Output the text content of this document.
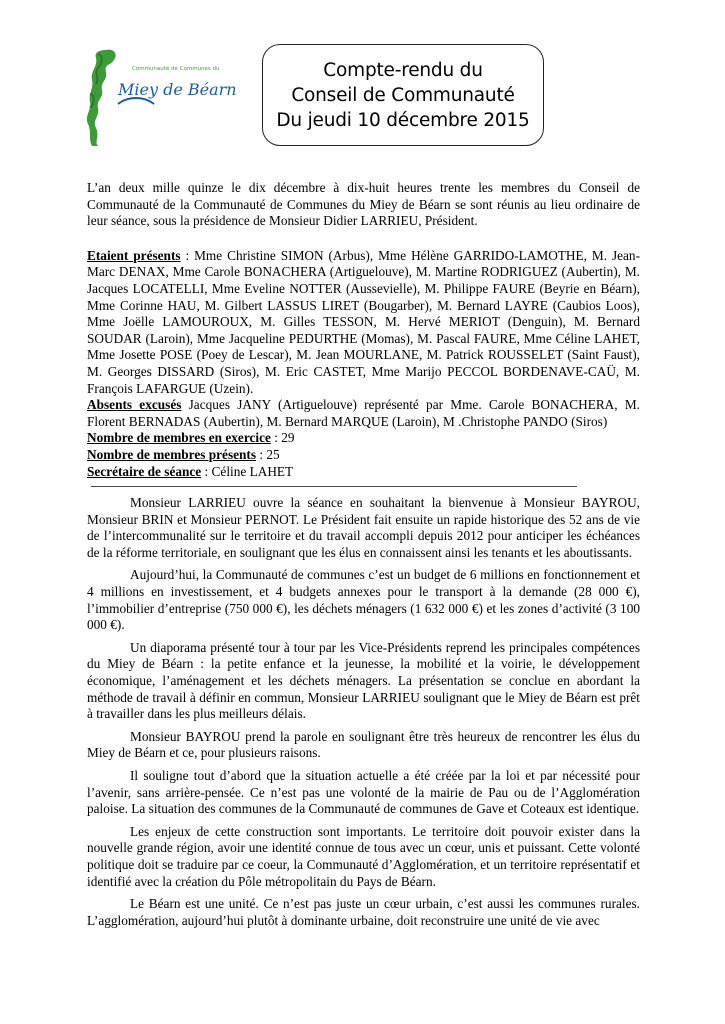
Communauté de Communes du
Miey de Béarn
Compte-rendu du
Conseil de Communauté
Du jeudi 10 décembre 2015

L’an deux mille quinze le dix décembre à dix-huit heures trente les membres du Conseil de Communauté de la Communauté de Communes du Miey de Béarn se sont réunis au lieu ordinaire de leur séance, sous la présidence de Monsieur Didier LARRIEU, Président.

Etaient présents : Mme Christine SIMON (Arbus), Mme Hélène GARRIDO-LAMOTHE, M. Jean-Marc DENAX, Mme Carole BONACHERA (Artiguelouve), M. Martine RODRIGUEZ (Aubertin), M. Jacques LOCATELLI, Mme Eveline NOTTER (Aussevielle), M. Philippe FAURE (Beyrie en Béarn), Mme Corinne HAU, M. Gilbert LASSUS LIRET (Bougarber), M. Bernard LAYRE (Caubios Loos), Mme Joëlle LAMOUROUX, M. Gilles TESSON, M. Hervé MERIOT (Denguin), M. Bernard SOUDAR (Laroin), Mme Jacqueline PEDURTHE (Momas), M. Pascal FAURE, Mme Céline LAHET, Mme Josette POSE (Poey de Lescar), M. Jean MOURLANE, M. Patrick ROUSSELET (Saint Faust), M. Georges DISSARD (Siros), M. Eric CASTET, Mme Marijo PECCOL BORDENAVE-CAÜ, M. François LAFARGUE (Uzein).

Absents excusés Jacques JANY (Artiguelouve) représenté par Mme. Carole BONACHERA, M. Florent BERNADAS (Aubertin), M. Bernard MARQUE (Laroin), M .Christophe PANDO (Siros)

Nombre de membres en exercice : 29

Nombre de membres présents : 25

Secrétaire de séance : Céline LAHET

Monsieur LARRIEU ouvre la séance en souhaitant la bienvenue à Monsieur BAYROU, Monsieur BRIN et Monsieur PERNOT. Le Président fait ensuite un rapide historique des 52 ans de vie de l’intercommunalité sur le territoire et du travail accompli depuis 2012 pour anticiper les échéances de la réforme territoriale, en soulignant que les élus en connaissent ainsi les tenants et les aboutissants.

Aujourd’hui, la Communauté de communes c’est un budget de 6 millions en fonctionnement et 4 millions en investissement, et 4 budgets annexes pour le transport à la demande (28 000 €), l’immobilier d’entreprise (750 000 €), les déchets ménagers (1 632 000 €) et les zones d’activité (3 100 000 €).

Un diaporama présenté tour à tour par les Vice-Présidents reprend les principales compétences du Miey de Béarn : la petite enfance et la jeunesse, la mobilité et la voirie, le développement économique, l’aménagement et les déchets ménagers. La présentation se conclue en abordant la méthode de travail à définir en commun, Monsieur LARRIEU soulignant que le Miey de Béarn est prêt à travailler dans les plus meilleurs délais.

Monsieur BAYROU prend la parole en soulignant être très heureux de rencontrer les élus du Miey de Béarn et ce, pour plusieurs raisons.

Il souligne tout d’abord que la situation actuelle a été créée par la loi et par nécessité pour l’avenir, sans arrière-pensée. Ce n’est pas une volonté de la mairie de Pau ou de l’Agglomération paloise. La situation des communes de la Communauté de communes de Gave et Coteaux est identique.

Les enjeux de cette construction sont importants. Le territoire doit pouvoir exister dans la nouvelle grande région, avoir une identité connue de tous avec un cœur, unis et puissant. Cette volonté politique doit se traduire par ce coeur, la Communauté d’Agglomération, et un territoire représentatif et identifié avec la création du Pôle métropolitain du Pays de Béarn.

Le Béarn est une unité. Ce n’est pas juste un cœur urbain, c’est aussi les communes rurales. L’agglomération, aujourd’hui plutôt à dominante urbaine, doit reconstruire une unité de vie avec
